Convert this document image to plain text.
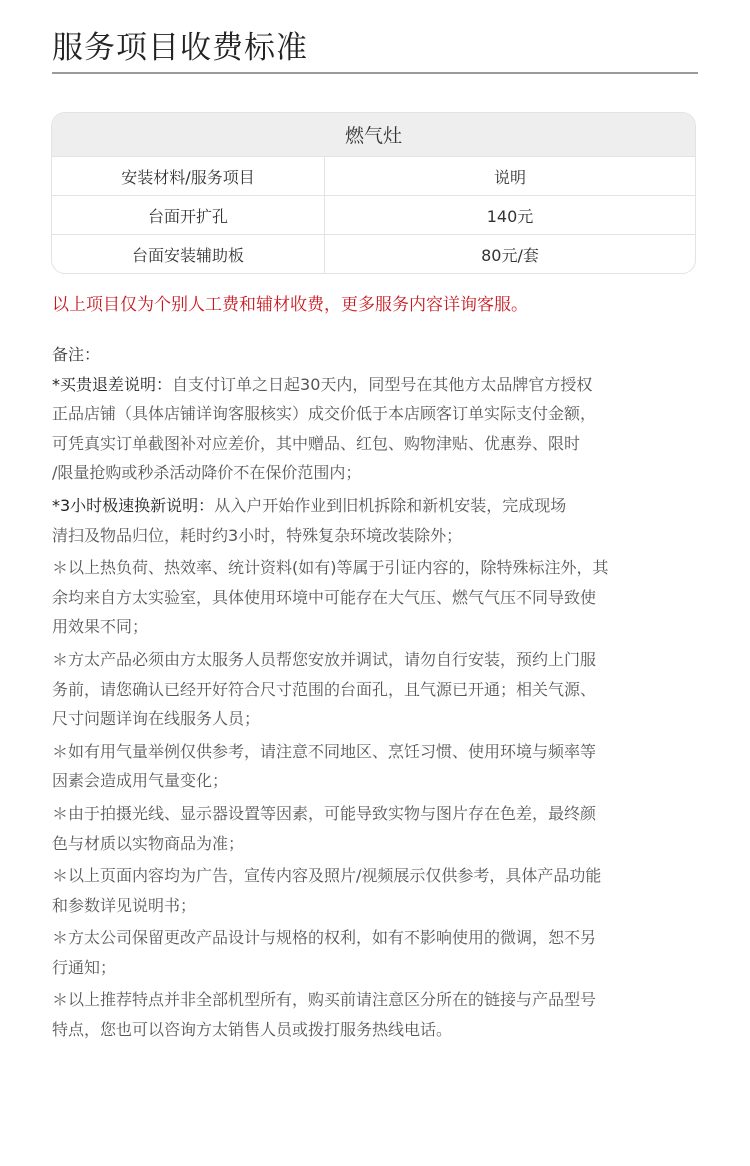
服务项目收费标准
燃气灶
安装材料/服务项目	说明
台面开扩孔	140元
台面安装辅助板	80元/套
以上项目仅为个别人工费和辅材收费，更多服务内容详询客服。
备注：
*买贵退差说明：自支付订单之日起30天内，同型号在其他方太品牌官方授权
正品店铺（具体店铺详询客服核实）成交价低于本店顾客订单实际支付金额，
可凭真实订单截图补对应差价，其中赠品、红包、购物津贴、优惠券、限时
/限量抢购或秒杀活动降价不在保价范围内；
*3小时极速换新说明：从入户开始作业到旧机拆除和新机安装，完成现场
清扫及物品归位，耗时约3小时，特殊复杂环境改装除外；
＊以上热负荷、热效率、统计资料(如有)等属于引证内容的，除特殊标注外，其
余均来自方太实验室，具体使用环境中可能存在大气压、燃气气压不同导致使
用效果不同；
＊方太产品必须由方太服务人员帮您安放并调试，请勿自行安装，预约上门服
务前，请您确认已经开好符合尺寸范围的台面孔，且气源已开通；相关气源、
尺寸问题详询在线服务人员；
＊如有用气量举例仅供参考，请注意不同地区、烹饪习惯、使用环境与频率等
因素会造成用气量变化；
＊由于拍摄光线、显示器设置等因素，可能导致实物与图片存在色差，最终颜
色与材质以实物商品为准；
＊以上页面内容均为广告，宣传内容及照片/视频展示仅供参考，具体产品功能
和参数详见说明书；
＊方太公司保留更改产品设计与规格的权利，如有不影响使用的微调，恕不另
行通知；
＊以上推荐特点并非全部机型所有，购买前请注意区分所在的链接与产品型号
特点，您也可以咨询方太销售人员或拨打服务热线电话。
